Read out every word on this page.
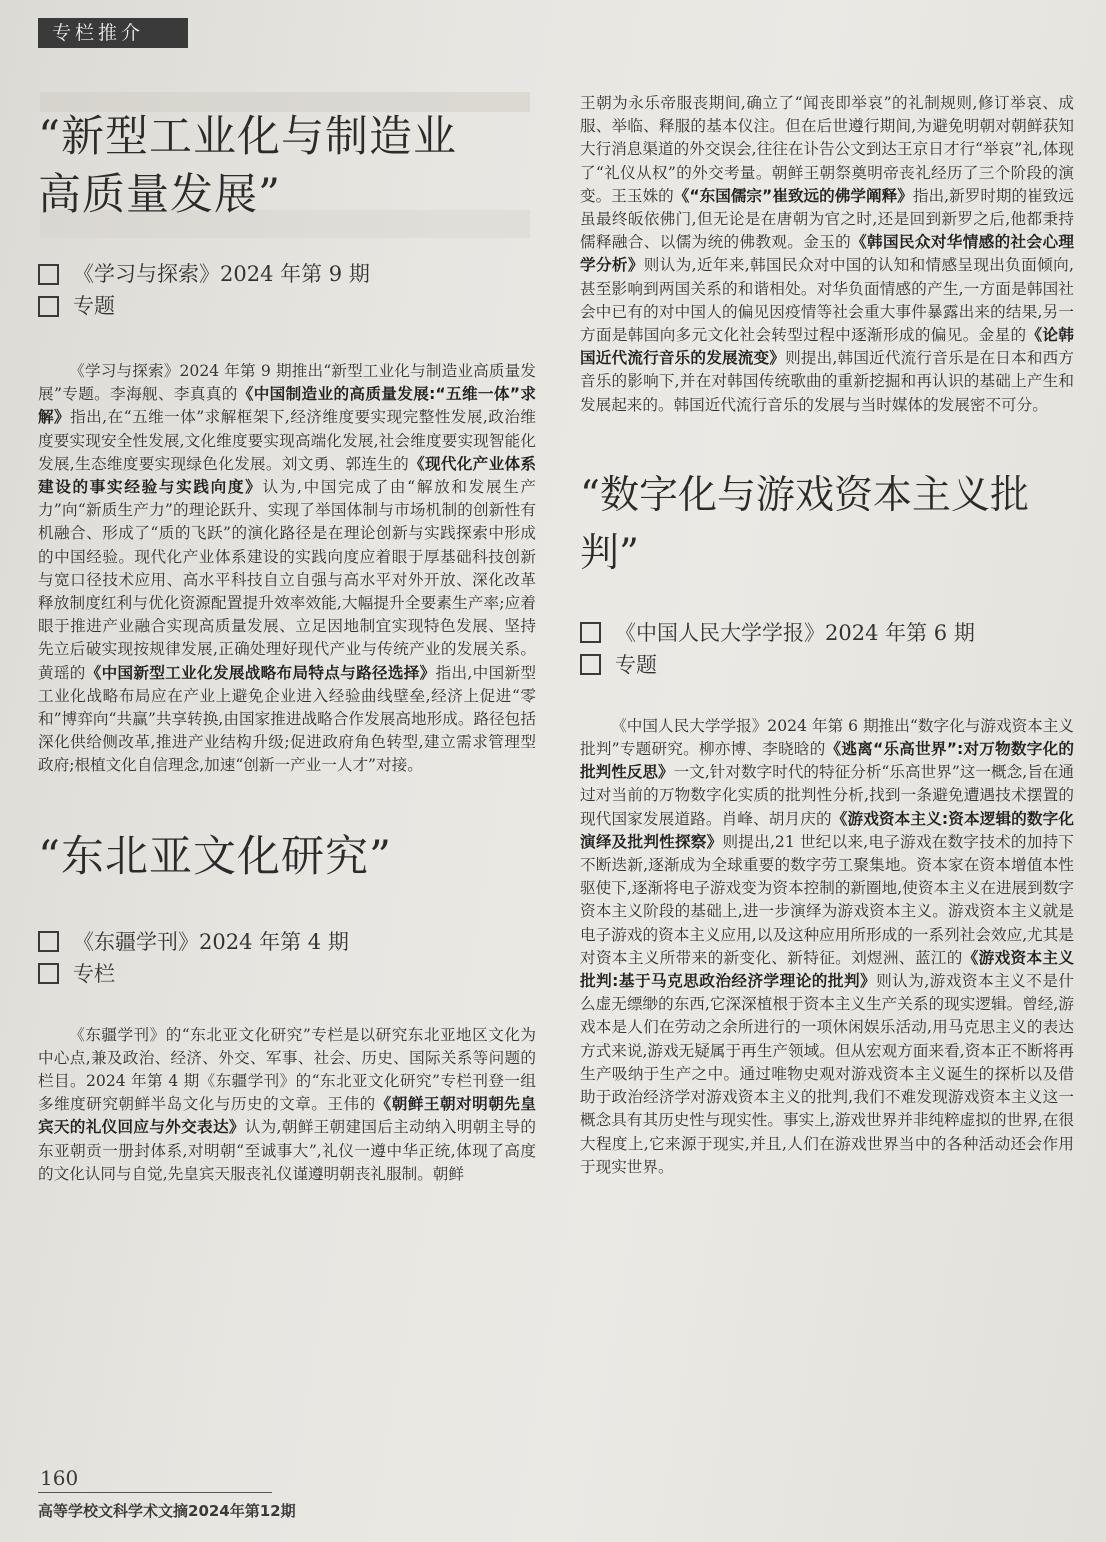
专栏推介
“新型工业化与制造业
高质量发展”
《学习与探索》2024 年第 9 期
专题

《学习与探索》2024 年第 9 期推出“新型工业化与制造业高质量发展”专题。李海舰、李真真的《中国制造业的高质量发展:“五维一体”求解》指出,在“五维一体”求解框架下,经济维度要实现完整性发展,政治维度要实现安全性发展,文化维度要实现高端化发展,社会维度要实现智能化发展,生态维度要实现绿色化发展。刘文勇、郭连生的《现代化产业体系建设的事实经验与实践向度》认为,中国完成了由“解放和发展生产力”向“新质生产力”的理论跃升、实现了举国体制与市场机制的创新性有机融合、形成了“质的飞跃”的演化路径是在理论创新与实践探索中形成的中国经验。现代化产业体系建设的实践向度应着眼于厚基础科技创新与宽口径技术应用、高水平科技自立自强与高水平对外开放、深化改革释放制度红利与优化资源配置提升效率效能,大幅提升全要素生产率;应着眼于推进产业融合实现高质量发展、立足因地制宜实现特色发展、坚持先立后破实现按规律发展,正确处理好现代产业与传统产业的发展关系。黄瑶的《中国新型工业化发展战略布局特点与路径选择》指出,中国新型工业化战略布局应在产业上避免企业进入经验曲线壁垒,经济上促进“零和”博弈向“共赢”共享转换,由国家推进战略合作发展高地形成。路径包括深化供给侧改革,推进产业结构升级;促进政府角色转型,建立需求管理型政府;根植文化自信理念,加速“创新一产业一人才”对接。

“东北亚文化研究”
《东疆学刊》2024 年第 4 期
专栏

《东疆学刊》的“东北亚文化研究”专栏是以研究东北亚地区文化为中心点,兼及政治、经济、外交、军事、社会、历史、国际关系等问题的栏目。2024 年第 4 期《东疆学刊》的“东北亚文化研究”专栏刊登一组多维度研究朝鲜半岛文化与历史的文章。王伟的《朝鲜王朝对明朝先皇宾天的礼仪回应与外交表达》认为,朝鲜王朝建国后主动纳入明朝主导的东亚朝贡一册封体系,对明朝“至诚事大”,礼仪一遵中华正统,体现了高度的文化认同与自觉,先皇宾天服丧礼仪谨遵明朝丧礼服制。朝鲜

王朝为永乐帝服丧期间,确立了“闻丧即举哀”的礼制规则,修订举哀、成服、举临、释服的基本仪注。但在后世遵行期间,为避免明朝对朝鲜获知大行消息渠道的外交误会,往往在讣告公文到达王京日才行“举哀”礼,体现了“礼仪从权”的外交考量。朝鲜王朝祭奠明帝丧礼经历了三个阶段的演变。王玉姝的《“东国儒宗”崔致远的佛学阐释》指出,新罗时期的崔致远虽最终皈依佛门,但无论是在唐朝为官之时,还是回到新罗之后,他都秉持儒释融合、以儒为统的佛教观。金玉的《韩国民众对华情感的社会心理学分析》则认为,近年来,韩国民众对中国的认知和情感呈现出负面倾向,甚至影响到两国关系的和谐相处。对华负面情感的产生,一方面是韩国社会中已有的对中国人的偏见因疫情等社会重大事件暴露出来的结果,另一方面是韩国向多元文化社会转型过程中逐渐形成的偏见。金星的《论韩国近代流行音乐的发展流变》则提出,韩国近代流行音乐是在日本和西方音乐的影响下,并在对韩国传统歌曲的重新挖掘和再认识的基础上产生和发展起来的。韩国近代流行音乐的发展与当时媒体的发展密不可分。

“数字化与游戏资本主义批判”
《中国人民大学学报》2024 年第 6 期
专题

《中国人民大学学报》2024 年第 6 期推出“数字化与游戏资本主义批判”专题研究。柳亦博、李晓晗的《逃离“乐高世界”:对万物数字化的批判性反思》一文,针对数字时代的特征分析“乐高世界”这一概念,旨在通过对当前的万物数字化实质的批判性分析,找到一条避免遭遇技术摆置的现代国家发展道路。肖峰、胡月庆的《游戏资本主义:资本逻辑的数字化演绎及批判性探察》则提出,21 世纪以来,电子游戏在数字技术的加持下不断迭新,逐渐成为全球重要的数字劳工聚集地。资本家在资本增值本性驱使下,逐渐将电子游戏变为资本控制的新圈地,使资本主义在进展到数字资本主义阶段的基础上,进一步演绎为游戏资本主义。游戏资本主义就是电子游戏的资本主义应用,以及这种应用所形成的一系列社会效应,尤其是对资本主义所带来的新变化、新特征。刘煜洲、蓝江的《游戏资本主义批判:基于马克思政治经济学理论的批判》则认为,游戏资本主义不是什么虚无缥缈的东西,它深深植根于资本主义生产关系的现实逻辑。曾经,游戏本是人们在劳动之余所进行的一项休闲娱乐活动,用马克思主义的表达方式来说,游戏无疑属于再生产领域。但从宏观方面来看,资本正不断将再生产吸纳于生产之中。通过唯物史观对游戏资本主义诞生的探析以及借助于政治经济学对游戏资本主义的批判,我们不难发现游戏资本主义这一概念具有其历史性与现实性。事实上,游戏世界并非纯粹虚拟的世界,在很大程度上,它来源于现实,并且,人们在游戏世界当中的各种活动还会作用于现实世界。

160
高等学校文科学术文摘2024年第12期
